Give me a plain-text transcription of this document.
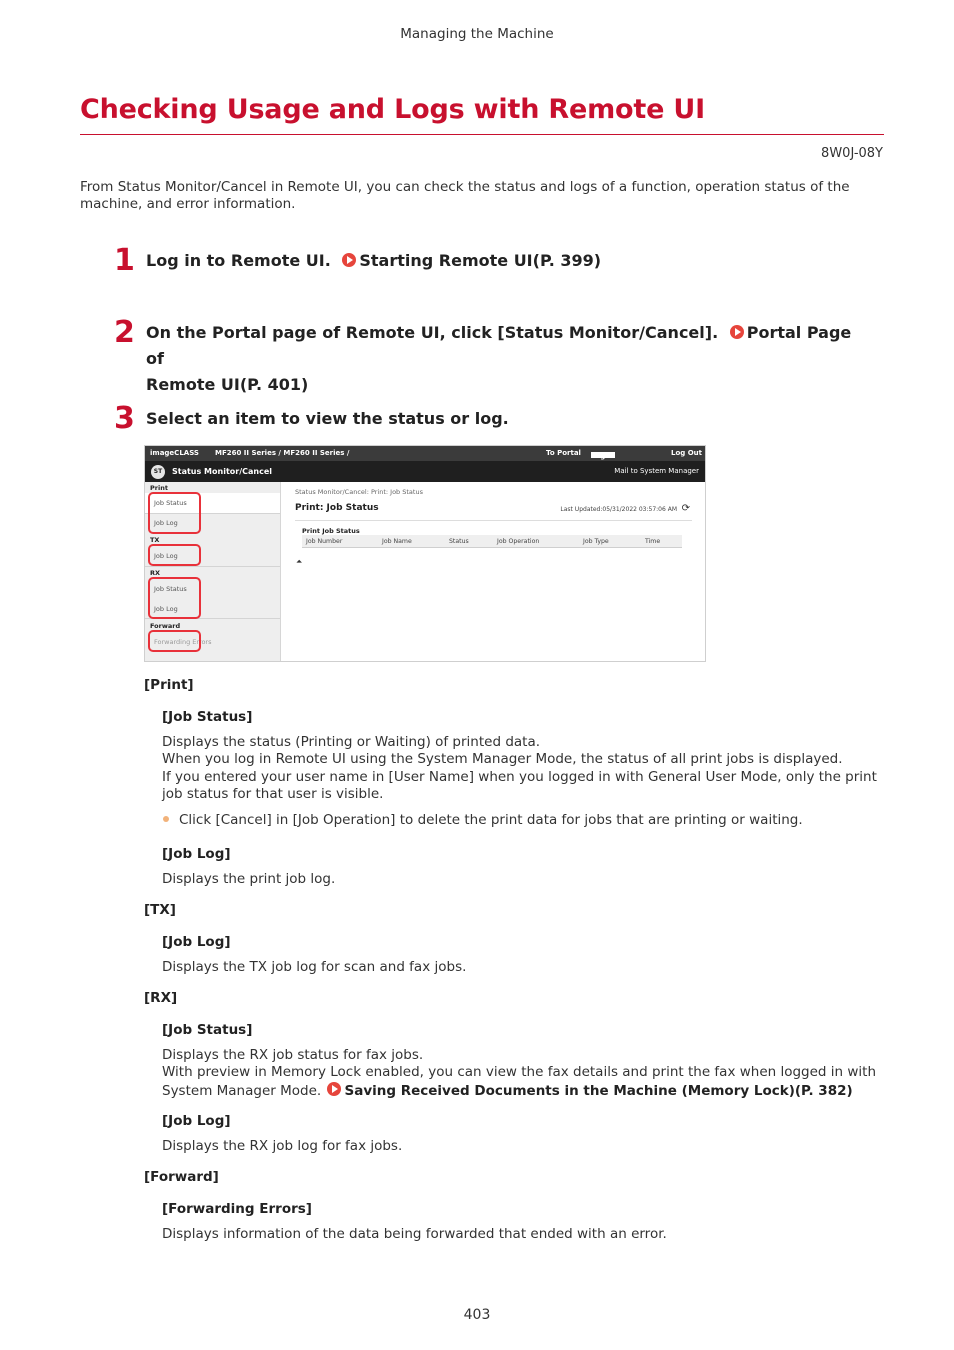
Managing the Machine
Checking Usage and Logs with Remote UI
8W0J-08Y

From Status Monitor/Cancel in Remote UI, you can check the status and logs of a function, operation status of the machine, and error information.

1 Log in to Remote UI. Starting Remote UI(P. 399)
2 On the Portal page of Remote UI, click [Status Monitor/Cancel]. Portal Page of
Remote UI(P. 401)
3 Select an item to view the status or log.
imageCLASS MF260 II Series / MF260 II Series /	To Portal	Log Out
ST	Status Monitor/Cancel	Mail to System Manager
Print
Job Status
Job Log
TX
Job Log
RX
Job Status
Job Log
Forward
Forwarding Errors
Status Monitor/Cancel: Print: Job Status
Print: Job Status	Last Updated:05/31/2022 03:57:06 AM ⟳
Print Job Status
Job Number	Job Name	Status	Job Operation	Job Type	Time
⏶
[Print]
[Job Status]
Displays the status (Printing or Waiting) of printed data.
When you log in Remote UI using the System Manager Mode, the status of all print jobs is displayed.
If you entered your user name in [User Name] when you logged in with General User Mode, only the print
job status for that user is visible.
Click [Cancel] in [Job Operation] to delete the print data for jobs that are printing or waiting.
[Job Log]
Displays the print job log.
[TX]
[Job Log]
Displays the TX job log for scan and fax jobs.
[RX]
[Job Status]
Displays the RX job status for fax jobs.
With preview in Memory Lock enabled, you can view the fax details and print the fax when logged in with
System Manager Mode. Saving Received Documents in the Machine (Memory Lock)(P. 382)
[Job Log]
Displays the RX job log for fax jobs.
[Forward]
[Forwarding Errors]
Displays information of the data being forwarded that ended with an error.
403
